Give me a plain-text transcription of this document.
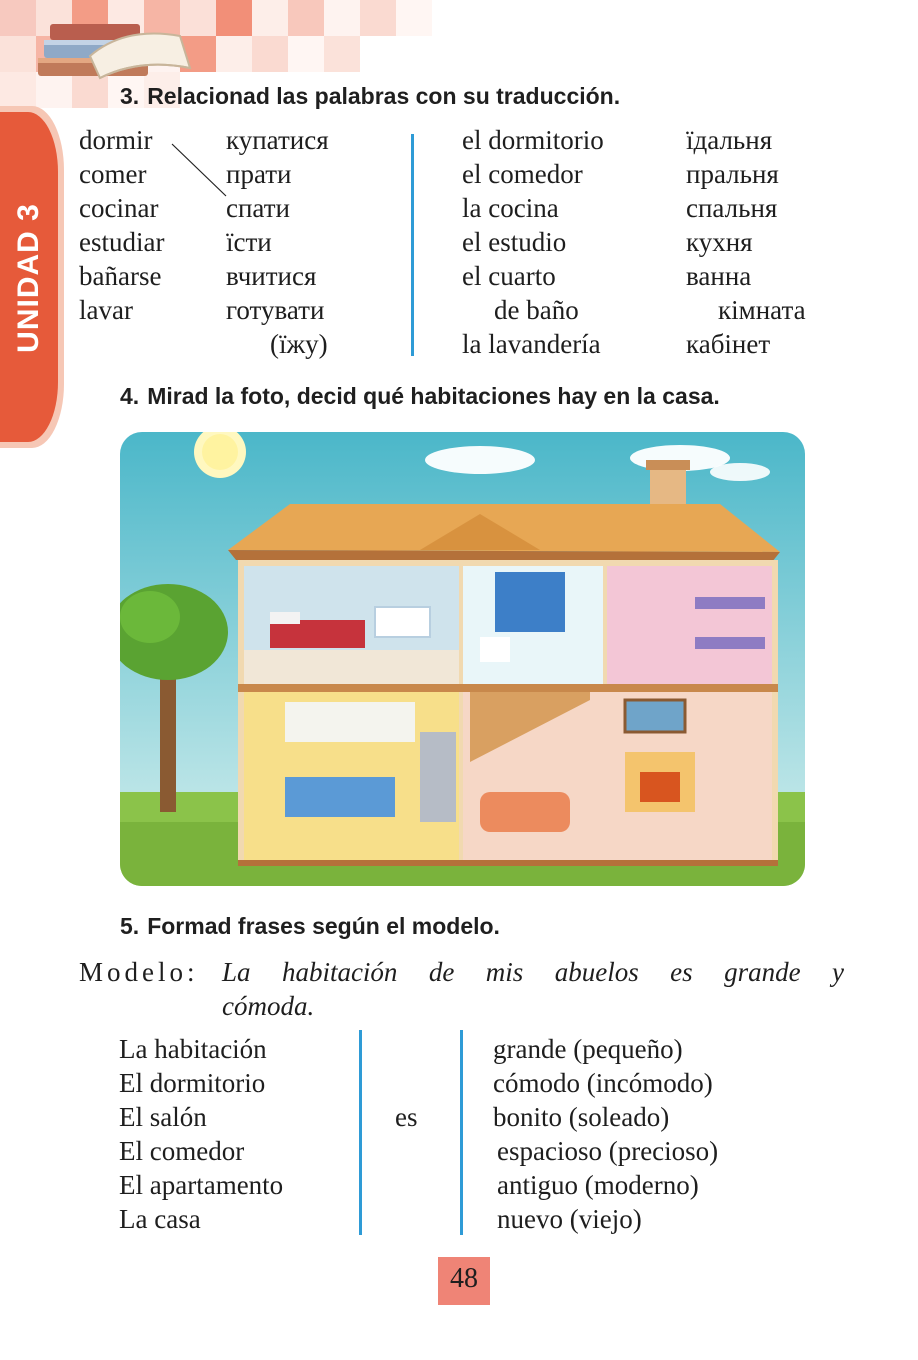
UNIDAD 3
3. Relacionad las palabras con su traducción.
dormir
comer
cocinar
estudiar
bañarse
lavar
купатися
прати
спати
їсти
вчитися
готувати
(їжу)
el dormitorio
el comedor
la cocina
el estudio
el cuarto
de baño
la lavandería
їдальня
пральня
спальня
кухня
ванна
кімната
кабінет
4. Mirad la foto, decid qué habitaciones hay en la casa.
5. Formad frases según el modelo.
Modelo: La habitación de mis abuelos es grande y
cómoda.
La habitación
El dormitorio
El salón
El comedor
El apartamento
La casa
es
grande (pequeño)
cómodo (incómodo)
bonito (soleado)
espacioso (precioso)
antiguo (moderno)
nuevo (viejo)
48
